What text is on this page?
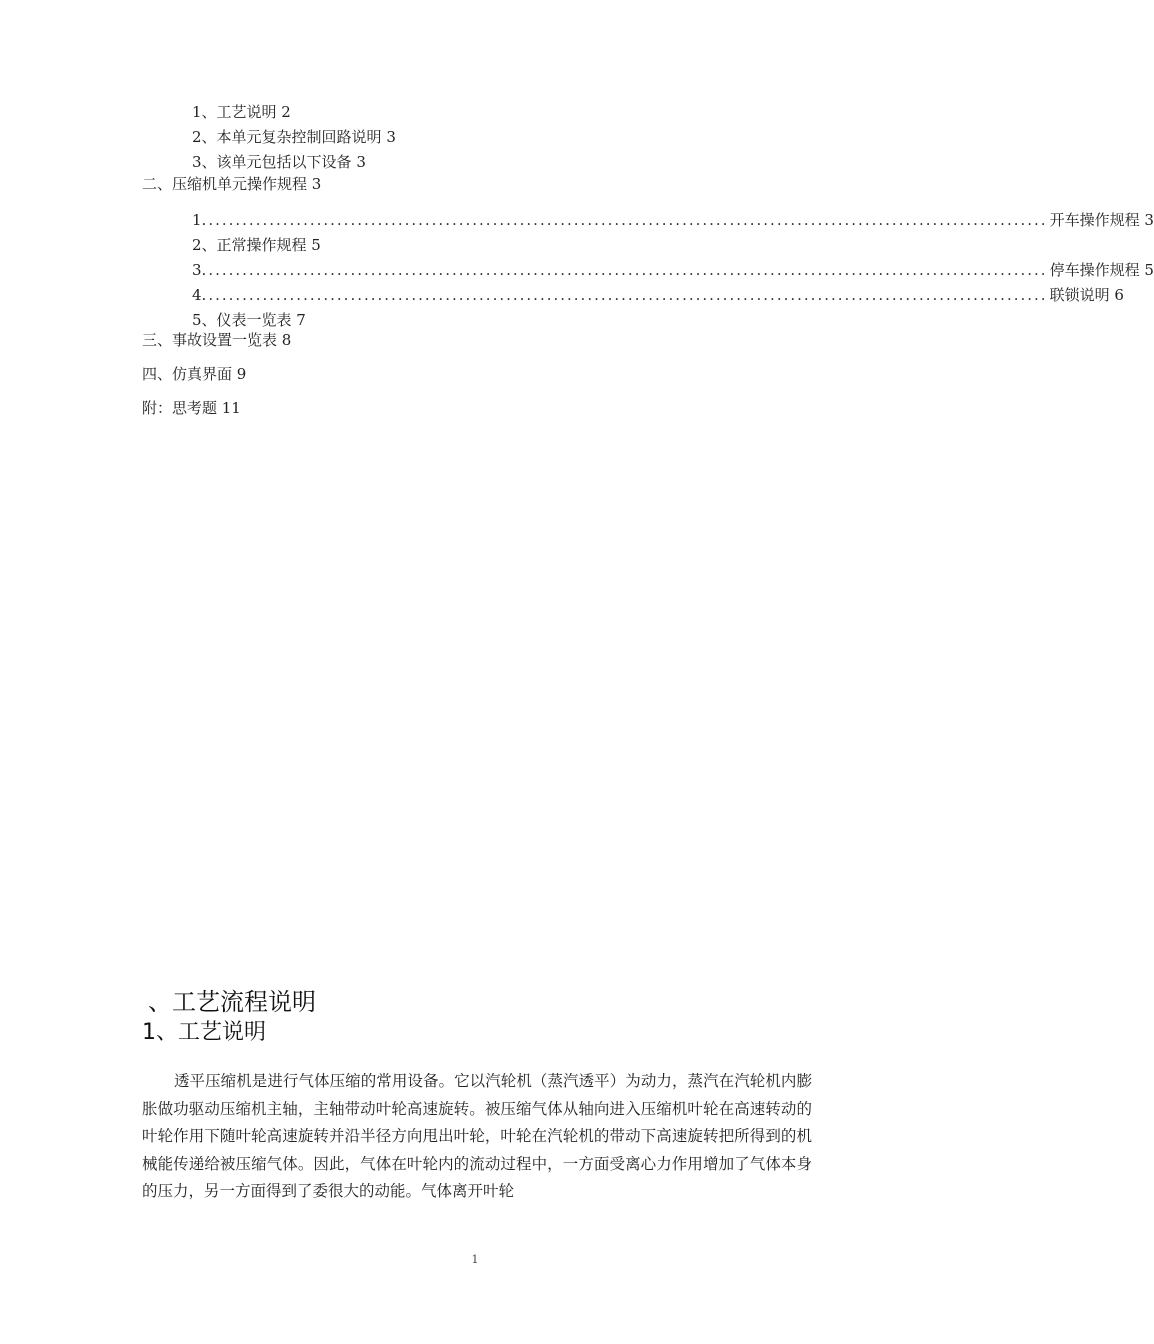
1、工艺说明 2
2、本单元复杂控制回路说明 3
3、该单元包括以下设备 3
二、压缩机单元操作规程 3
1. ............................................................................................................................ 开车操作规程 3
2、正常操作规程 5
3. ............................................................................................................................ 停车操作规程 5
4. ............................................................................................................................ 联锁说明 6
5、仪表一览表 7
三、事故设置一览表 8
四、仿真界面 9
附：思考题 11
、工艺流程说明
1、工艺说明

透平压缩机是进行气体压缩的常用设备。它以汽轮机（蒸汽透平）为动力，蒸汽在汽轮机内膨胀做功驱动压缩机主轴，主轴带动叶轮高速旋转。被压缩气体从轴向进入压缩机叶轮在高速转动的叶轮作用下随叶轮高速旋转并沿半径方向甩出叶轮，叶轮在汽轮机的带动下高速旋转把所得到的机械能传递给被压缩气体。因此，气体在叶轮内的流动过程中，一方面受离心力作用增加了气体本身的压力，另一方面得到了委很大的动能。气体离开叶轮

1
